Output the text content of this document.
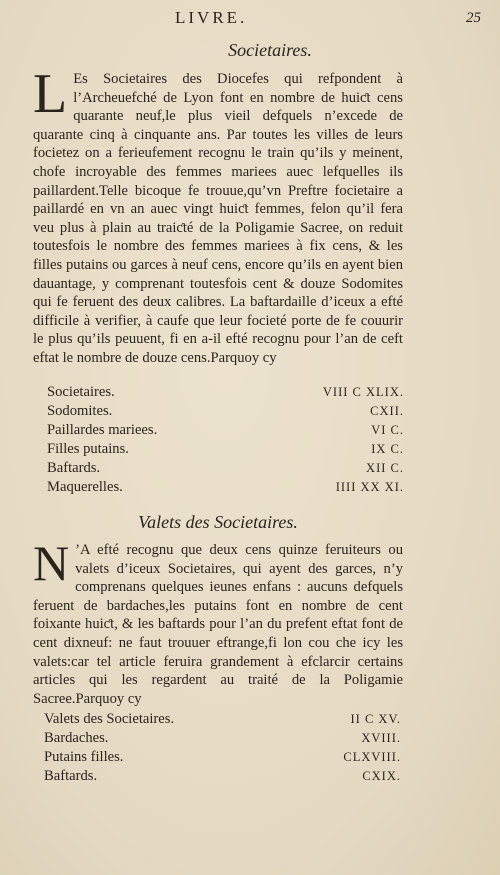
LIVRE.	25
Societaires.

L Es Societaires des Diocefes qui refpondent à l’Archeuefché de Lyon font en nombre de huiƈt cens quarante neuf,le plus vieil defquels n’excede de quarante cinq à cinquante ans. Par toutes les villes de leurs focietez on a ferieufement recognu le train qu’ils y meinent, chofe incroyable des femmes mariees auec lefquelles ils paillardent.Telle bicoque fe trouue,qu’vn Preftre focietaire a paillardé en vn an auec vingt huiƈt femmes, felon qu’il fera veu plus à plain au traiƈté de la Poligamie Sacree, on reduit toutesfois le nombre des femmes mariees à fix cens, & les filles putains ou garces à neuf cens, encore qu’ils en ayent bien dauantage, y comprenant toutesfois cent & douze Sodomites qui fe feruent des deux calibres. La baftardaille d’iceux a efté difficile à verifier, à caufe que leur focieté porte de fe couurir le plus qu’ils peuuent, fi en a-il efté recognu pour l’an de ceft eftat le nombre de douze cens.Parquoy cy

Societaires.	VIII C XLIX.
Sodomites.	CXII.
Paillardes mariees.	VI C.
Filles putains.	IX C.
Baftards.	XII C.
Maquerelles.	IIII XX XI.
Valets des Societaires.

N ’A efté recognu que deux cens quinze feruiteurs ou valets d’iceux Societaires, qui ayent des garces, n’y comprenans quelques ieunes enfans : aucuns defquels feruent de bardaches,les putains font en nombre de cent foixante huiƈt, & les baftards pour l’an du prefent eftat font de cent dixneuf: ne faut trouuer eftrange,fi lon cou che icy les valets:car tel article feruira grandement à efclarcir certains articles qui les regardent au traité de la Poligamie Sacree.Parquoy cy

Valets des Societaires.	II C XV.
Bardaches.	XVIII.
Putains filles.	CLXVIII.
Baftards.	CXIX.
